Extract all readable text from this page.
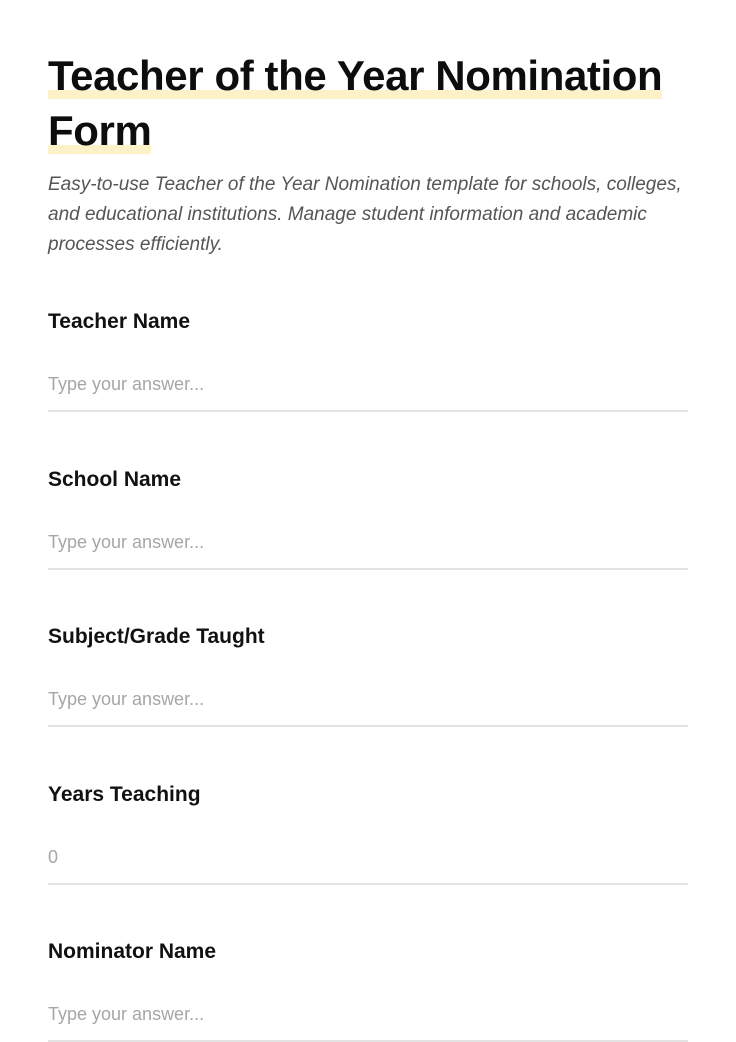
Teacher of the Year Nomination Form

Easy-to-use Teacher of the Year Nomination template for schools, colleges, and educational institutions. Manage student information and academic processes efficiently.

Teacher Name
Type your answer...
School Name
Type your answer...
Subject/Grade Taught
Type your answer...
Years Teaching
0
Nominator Name
Type your answer...
